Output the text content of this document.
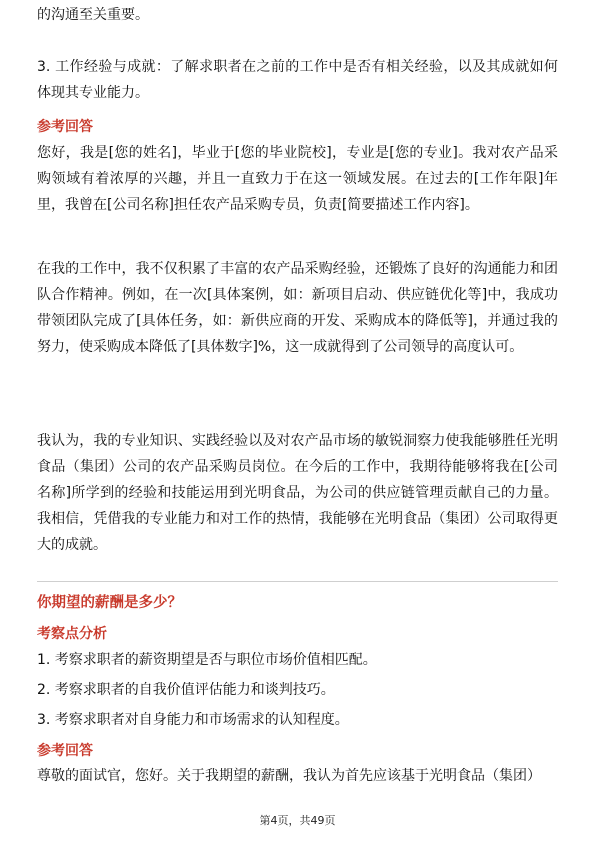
的沟通至关重要。

3. 工作经验与成就：了解求职者在之前的工作中是否有相关经验，以及其成就如何体现其专业能力。

参考回答

您好，我是[您的姓名]，毕业于[您的毕业院校]，专业是[您的专业]。我对农产品采购领域有着浓厚的兴趣，并且一直致力于在这一领域发展。在过去的[工作年限]年里，我曾在[公司名称]担任农产品采购专员，负责[简要描述工作内容]。

在我的工作中，我不仅积累了丰富的农产品采购经验，还锻炼了良好的沟通能力和团队合作精神。例如，在一次[具体案例，如：新项目启动、供应链优化等]中，我成功带领团队完成了[具体任务，如：新供应商的开发、采购成本的降低等]，并通过我的努力，使采购成本降低了[具体数字]%，这一成就得到了公司领导的高度认可。

我认为，我的专业知识、实践经验以及对农产品市场的敏锐洞察力使我能够胜任光明食品（集团）公司的农产品采购员岗位。在今后的工作中，我期待能够将我在[公司名称]所学到的经验和技能运用到光明食品，为公司的供应链管理贡献自己的力量。我相信，凭借我的专业能力和对工作的热情，我能够在光明食品（集团）公司取得更大的成就。

你期望的薪酬是多少？

考察点分析

1. 考察求职者的薪资期望是否与职位市场价值相匹配。

2. 考察求职者的自我价值评估能力和谈判技巧。

3. 考察求职者对自身能力和市场需求的认知程度。

参考回答

尊敬的面试官，您好。关于我期望的薪酬，我认为首先应该基于光明食品（集团）

第4页，共49页
